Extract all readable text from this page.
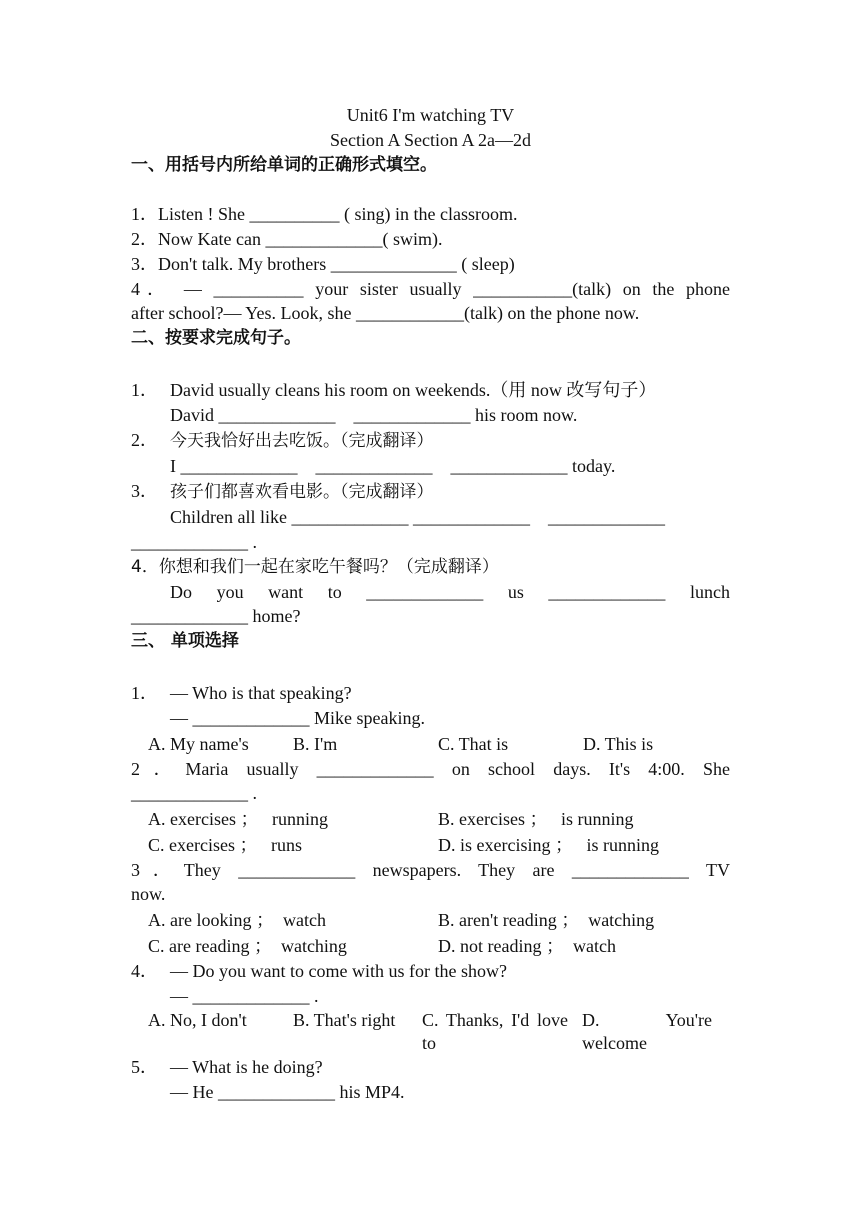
Unit6 I'm watching TV
Section A Section A 2a—2d
一、用括号内所给单词的正确形式填空。
1．Listen ! She __________ ( sing) in the classroom.
2．Now Kate can _____________( swim).
3．Don't talk. My brothers ______________ ( sleep)
4． — __________ your sister usually ___________(talk) on the phone
after school?— Yes. Look, she ____________(talk) on the phone now.
二、按要求完成句子。
1． David usually cleans his room on weekends.（用 now 改写句子）
David _____________    _____________ his room now.
2． 今天我恰好出去吃饭。（完成翻译）
I _____________    _____________    _____________ today.
3． 孩子们都喜欢看电影。（完成翻译）
Children all like _____________ _____________    _____________
_____________ .
4．你想和我们一起在家吃午餐吗？（完成翻译）
Do you want to _____________ us _____________ lunch
_____________ home?
三、 单项选择
1． — Who is that speaking?
— _____________ Mike speaking.
A. My name's	B. I'm	C. That is	D. This is
2．Maria usually _____________ on school days. It's 4:00. She
_____________ .
A. exercises ；   running	B. exercises ；   is running
C. exercises ；   runs	D. is exercising ；   is running
3．They _____________ newspapers. They are _____________ TV
now.
A. are looking ；  watch	B. aren't reading ；  watching
C. are reading ；  watching	D. not reading ；  watch
4． — Do you want to come with us for the show?
— _____________ .
A. No, I don't	B. That's right	C. Thanks, I'd love to
D. You're welcome
5． — What is he doing?
— He _____________ his MP4.
